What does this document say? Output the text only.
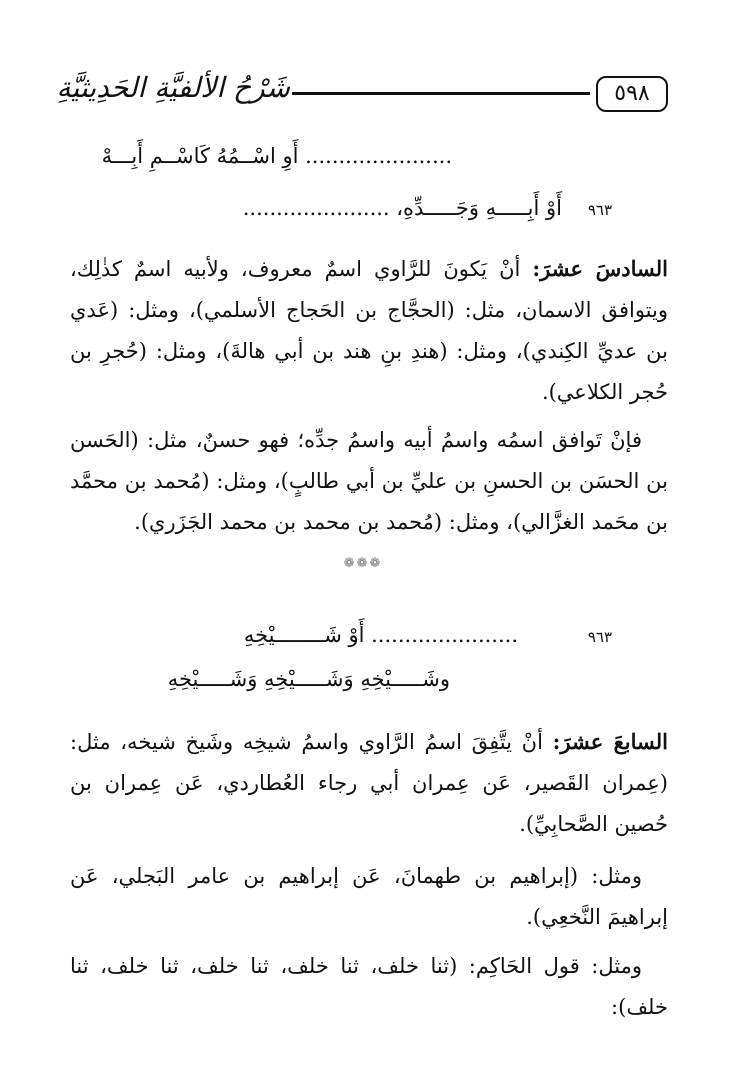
شَرْحُ الألفيَّةِ الحَدِيثيَّةِ	٥٩٨
...................... أَوِ اسْــمُهُ كَاسْــمِ أَبِـــهْ
٩٦٣
أَوْ أَبِـــــهِ وَجَـــــدِّهِ، ......................
السادسَ عشرَ: أنْ يَكونَ للرَّاوي اسمٌ معروف، ولأبيه اسمٌ كذٰلِك، ويتوافق الاسمان، مثل: (الحجَّاج بن الحَجاج الأسلمي)، ومثل: (عَدي بن عديِّ الكِندي)، ومثل: (هندِ بنِ هند بن أبي هالةَ)، ومثل: (حُجرِ بن حُجر الكلاعي).
فإنْ تَوافق اسمُه واسمُ أبيه واسمُ جدِّه؛ فهو حسنٌ، مثل: (الحَسن بن الحسَن بن الحسنِ بن عليِّ بن أبي طالبٍ)، ومثل: (مُحمد بن محمَّد بن محَمد الغزَّالي)، ومثل: (مُحمد بن محمد بن محمد الجَزَري).
❁❁❁
٩٦٣
...................... أَوْ شَــــــــيْخِهِ
وشَـــــيْخِهِ وَشَـــــيْخِهِ وَشَـــــيْخِهِ
السابعَ عشرَ: أنْ يتَّفِقَ اسمُ الرَّاوي واسمُ شيخِه وشَيخ شيخه، مثل: (عِمران القَصير، عَن عِمران أبي رجاء العُطاردي، عَن عِمران بن حُصين الصَّحابِيِّ).
ومثل: (إبراهيم بن طهمانَ، عَن إبراهيم بن عامر البَجلي، عَن إبراهيمَ النَّخعِي).
ومثل: قول الحَاكِم: (ثنا خلف، ثنا خلف، ثنا خلف، ثنا خلف، ثنا خلف):
